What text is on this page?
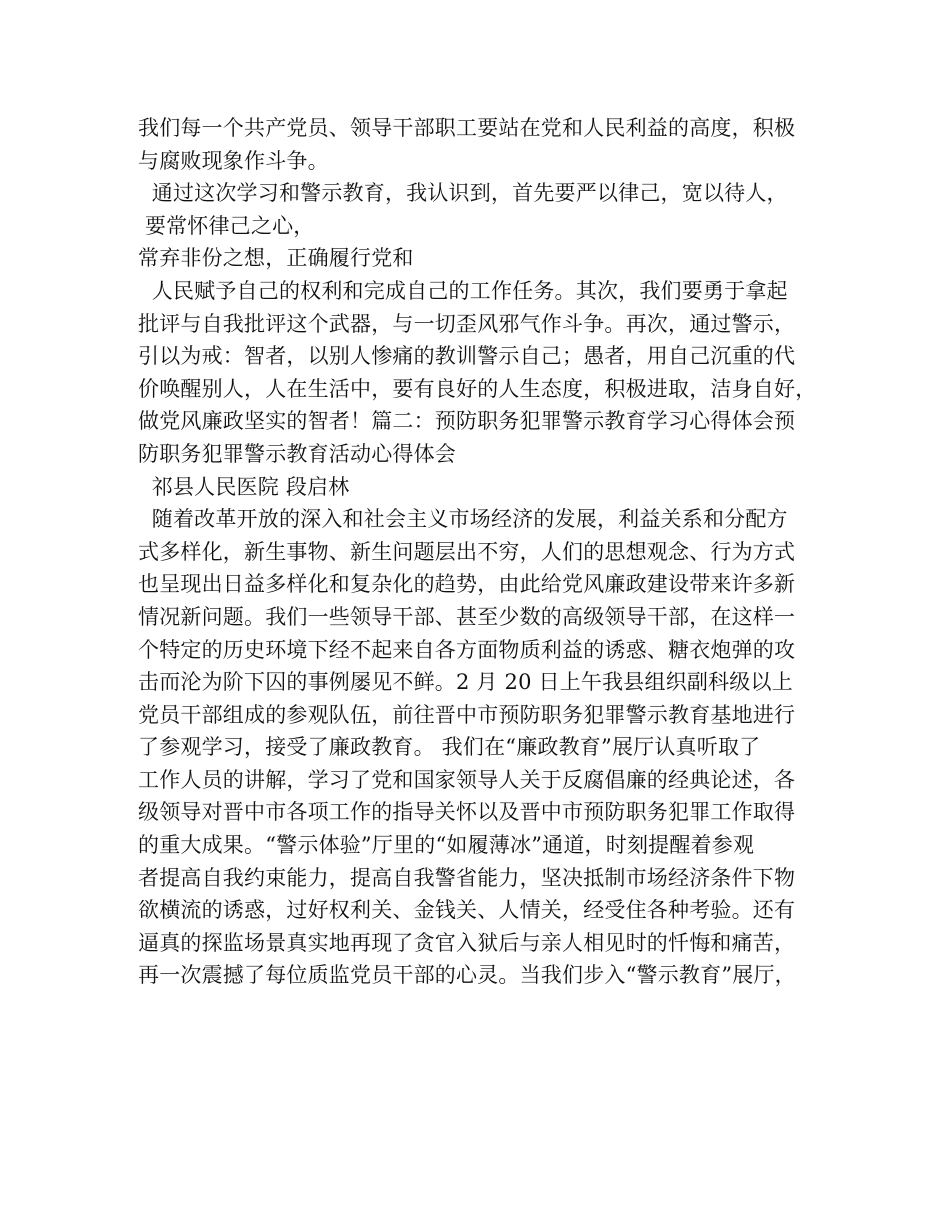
我们每一个共产党员、领导干部职工要站在党和人民利益的高度，积极
与腐败现象作斗争。
通过这次学习和警示教育，我认识到，首先要严以律己，宽以待人，
要常怀律己之心，
常弃非份之想，正确履行党和
人民赋予自己的权利和完成自己的工作任务。其次，我们要勇于拿起
批评与自我批评这个武器，与一切歪风邪气作斗争。再次，通过警示，
引以为戒：智者，以别人惨痛的教训警示自己；愚者，用自己沉重的代
价唤醒别人，人在生活中，要有良好的人生态度，积极进取，洁身自好，
做党风廉政坚实的智者！篇二：预防职务犯罪警示教育学习心得体会预
防职务犯罪警示教育活动心得体会
祁县人民医院 段启林
随着改革开放的深入和社会主义市场经济的发展，利益关系和分配方
式多样化，新生事物、新生问题层出不穷，人们的思想观念、行为方式
也呈现出日益多样化和复杂化的趋势，由此给党风廉政建设带来许多新
情况新问题。我们一些领导干部、甚至少数的高级领导干部，在这样一
个特定的历史环境下经不起来自各方面物质利益的诱惑、糖衣炮弹的攻
击而沦为阶下囚的事例屡见不鲜。2 月 20 日上午我县组织副科级以上
党员干部组成的参观队伍，前往晋中市预防职务犯罪警示教育基地进行
了参观学习，接受了廉政教育。 我们在“廉政教育”展厅认真听取了
工作人员的讲解，学习了党和国家领导人关于反腐倡廉的经典论述，各
级领导对晋中市各项工作的指导关怀以及晋中市预防职务犯罪工作取得
的重大成果。“警示体验”厅里的“如履薄冰”通道，时刻提醒着参观
者提高自我约束能力，提高自我警省能力，坚决抵制市场经济条件下物
欲横流的诱惑，过好权利关、金钱关、人情关，经受住各种考验。还有
逼真的探监场景真实地再现了贪官入狱后与亲人相见时的忏悔和痛苦，
再一次震撼了每位质监党员干部的心灵。当我们步入“警示教育”展厅，
